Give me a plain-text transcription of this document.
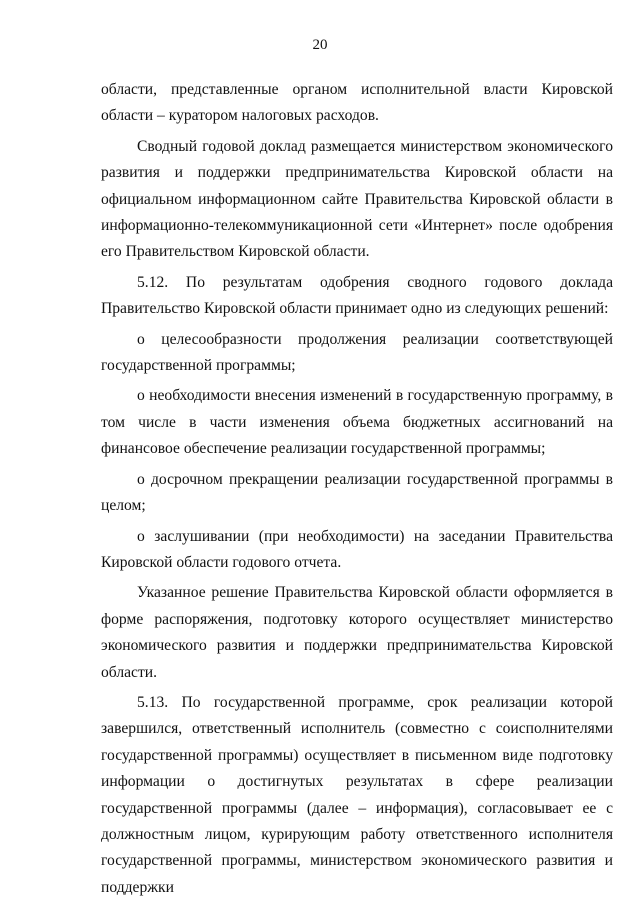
20

области, представленные органом исполнительной власти Кировской области – куратором налоговых расходов.

Сводный годовой доклад размещается министерством экономического развития и поддержки предпринимательства Кировской области на официальном информационном сайте Правительства Кировской области в информационно-телекоммуникационной сети «Интернет» после одобрения его Правительством Кировской области.

5.12. По результатам одобрения сводного годового доклада Правительство Кировской области принимает одно из следующих решений:

о целесообразности продолжения реализации соответствующей государственной программы;

о необходимости внесения изменений в государственную программу, в том числе в части изменения объема бюджетных ассигнований на финансовое обеспечение реализации государственной программы;

о досрочном прекращении реализации государственной программы в целом;

о заслушивании (при необходимости) на заседании Правительства Кировской области годового отчета.

Указанное решение Правительства Кировской области оформляется в форме распоряжения, подготовку которого осуществляет министерство экономического развития и поддержки предпринимательства Кировской области.

5.13. По государственной программе, срок реализации которой завершился, ответственный исполнитель (совместно с соисполнителями государственной программы) осуществляет в письменном виде подготовку информации о достигнутых результатах в сфере реализации государственной программы (далее – информация), согласовывает ее с должностным лицом, курирующим работу ответственного исполнителя государственной программы, министерством экономического развития и поддержки
